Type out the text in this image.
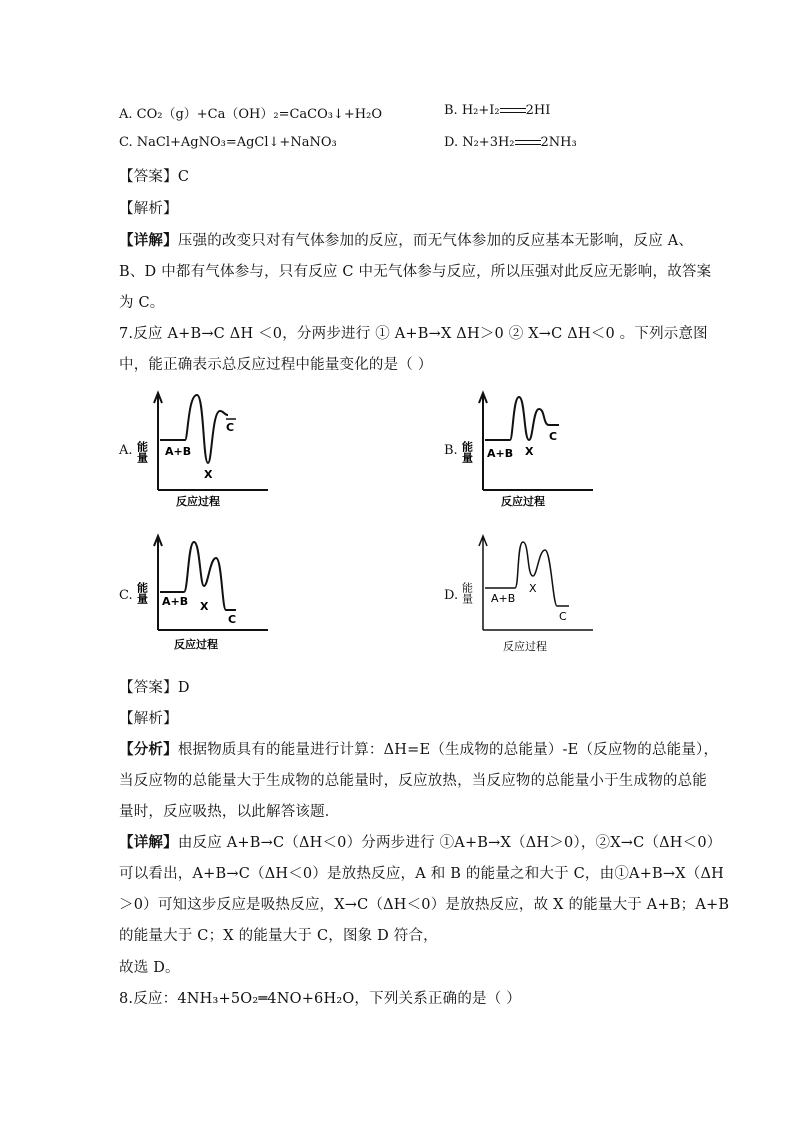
A. CO₂（g）+Ca（OH）₂=CaCO₃↓+H₂O	B. H₂+I₂ 2HI
C. NaCl+AgNO₃=AgCl↓+NaNO₃	D. N₂+3H₂ 2NH₃
【答案】C
【解析】
【详解】压强的改变只对有气体参加的反应，而无气体参加的反应基本无影响，反应 A、
B、D 中都有气体参与，只有反应 C 中无气体参与反应，所以压强对此反应无影响，故答案
为 C。
7.反应 A+B→C ΔH ＜0，分两步进行 ① A+B→X ΔH＞0 ② X→C ΔH＜0 。下列示意图
中，能正确表示总反应过程中能量变化的是（ ）
A. 能量 A+B
X
C
反应过程
B. 能量 A+B X
C
反应过程
C. 能量 A+B X
C
反应过程
D. 能量 A+B
X
C
反应过程
【答案】D
【解析】
【分析】根据物质具有的能量进行计算：ΔH=E（生成物的总能量）-E（反应物的总能量），
当反应物的总能量大于生成物的总能量时，反应放热，当反应物的总能量小于生成物的总能
量时，反应吸热，以此解答该题．
【详解】由反应 A+B→C（ΔH＜0）分两步进行 ①A+B→X（ΔH＞0），②X→C（ΔH＜0）
可以看出，A+B→C（ΔH＜0）是放热反应，A 和 B 的能量之和大于 C，由①A+B→X（ΔH
＞0）可知这步反应是吸热反应，X→C（ΔH＜0）是放热反应，故 X 的能量大于 A+B；A+B
的能量大于 C；X 的能量大于 C，图象 D 符合，
故选 D。
8.反应：4NH₃+5O₂═4NO+6H₂O，下列关系正确的是（ ）
